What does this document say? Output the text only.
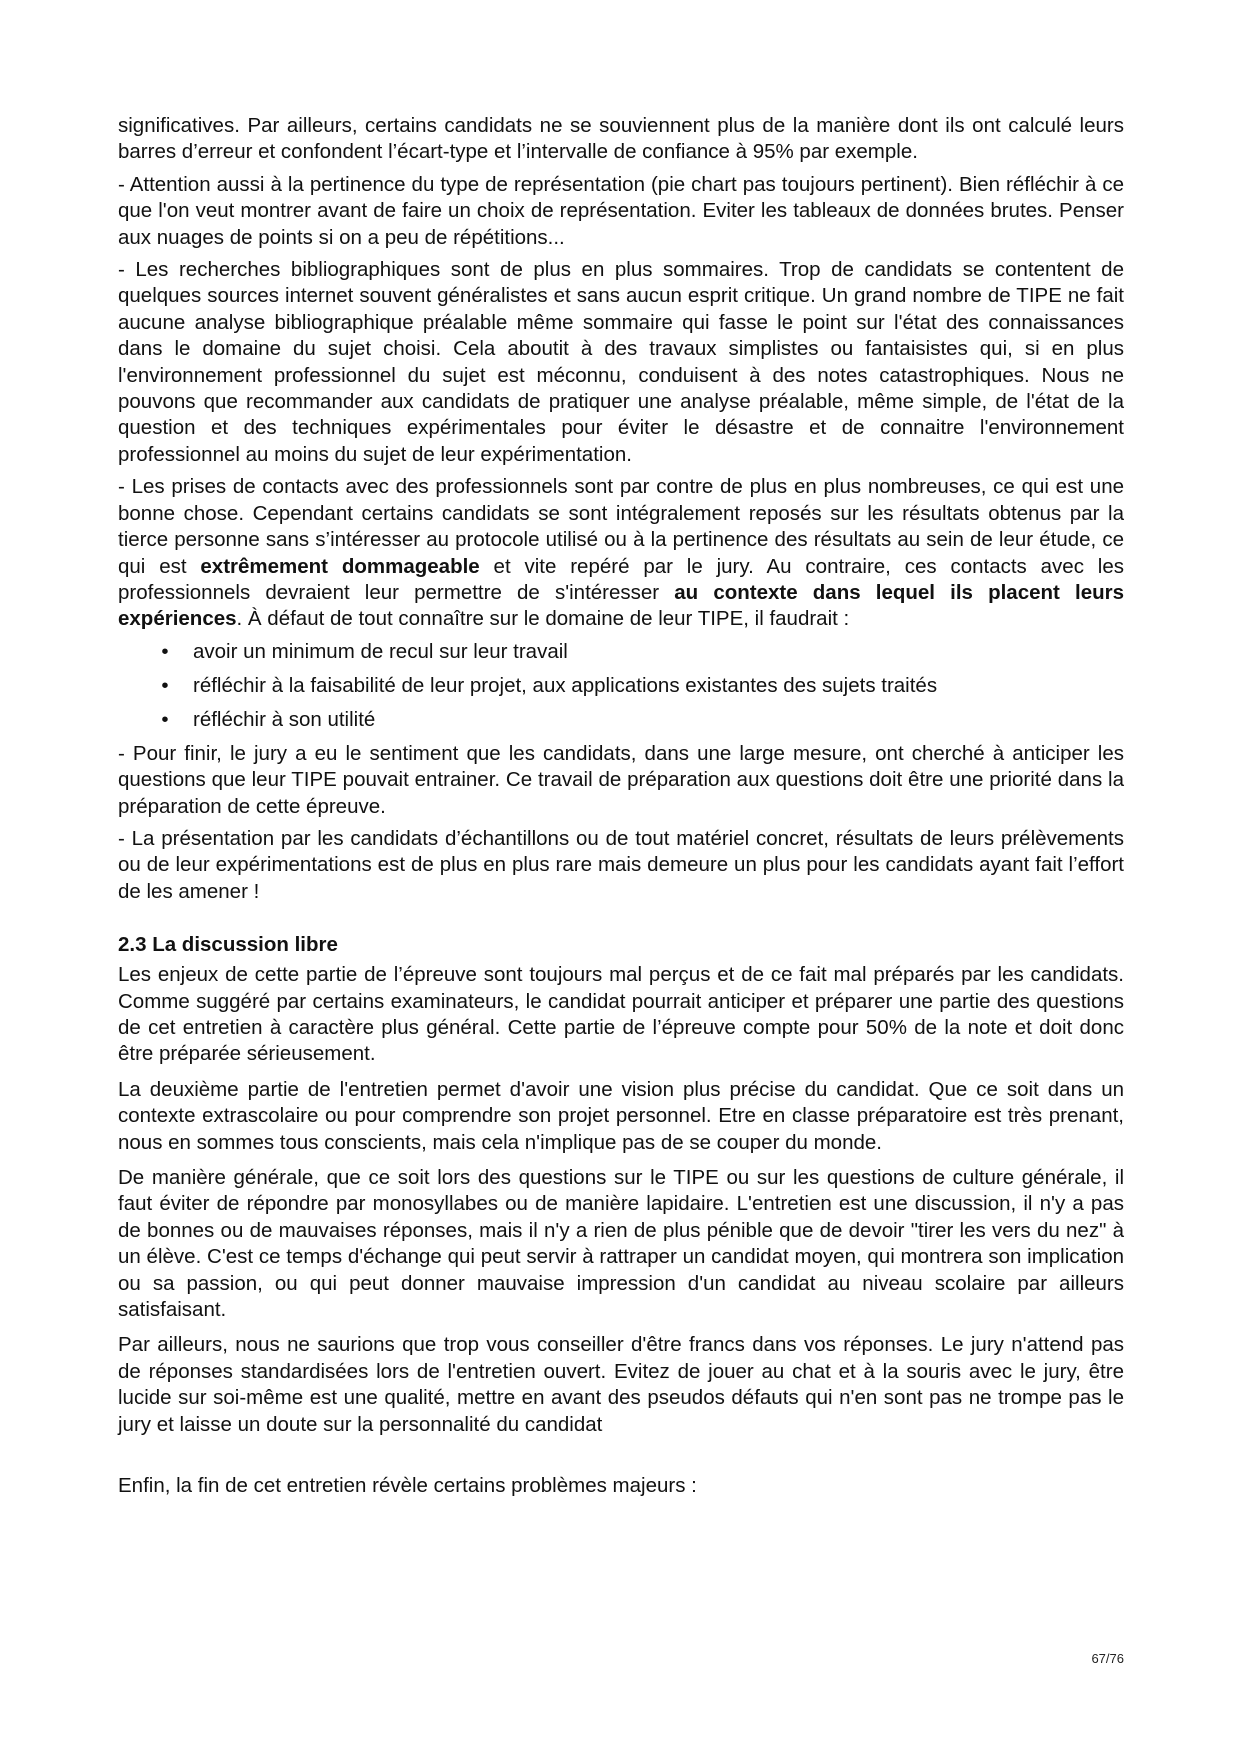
significatives. Par ailleurs, certains candidats ne se souviennent plus de la manière dont ils ont calculé leurs barres d’erreur et confondent l’écart-type et l’intervalle de confiance à 95% par exemple.

- Attention aussi à la pertinence du type de représentation (pie chart pas toujours pertinent). Bien réfléchir à ce que l'on veut montrer avant de faire un choix de représentation. Eviter les tableaux de données brutes. Penser aux nuages de points si on a peu de répétitions...

- Les recherches bibliographiques sont de plus en plus sommaires. Trop de candidats se contentent de quelques sources internet souvent généralistes et sans aucun esprit critique. Un grand nombre de TIPE ne fait aucune analyse bibliographique préalable même sommaire qui fasse le point sur l'état des connaissances dans le domaine du sujet choisi. Cela aboutit à des travaux simplistes ou fantaisistes qui, si en plus l'environnement professionnel du sujet est méconnu, conduisent à des notes catastrophiques. Nous ne pouvons que recommander aux candidats de pratiquer une analyse préalable, même simple, de l'état de la question et des techniques expérimentales pour éviter le désastre et de connaitre l'environnement professionnel au moins du sujet de leur expérimentation.

- Les prises de contacts avec des professionnels sont par contre de plus en plus nombreuses, ce qui est une bonne chose. Cependant certains candidats se sont intégralement reposés sur les résultats obtenus par la tierce personne sans s’intéresser au protocole utilisé ou à la pertinence des résultats au sein de leur étude, ce qui est extrêmement dommageable et vite repéré par le jury. Au contraire, ces contacts avec les professionnels devraient leur permettre de s'intéresser au contexte dans lequel ils placent leurs expériences. À défaut de tout connaître sur le domaine de leur TIPE, il faudrait :

• avoir un minimum de recul sur leur travail
• réfléchir à la faisabilité de leur projet, aux applications existantes des sujets traités
• réfléchir à son utilité

- Pour finir, le jury a eu le sentiment que les candidats, dans une large mesure, ont cherché à anticiper les questions que leur TIPE pouvait entrainer. Ce travail de préparation aux questions doit être une priorité dans la préparation de cette épreuve.

- La présentation par les candidats d’échantillons ou de tout matériel concret, résultats de leurs prélèvements ou de leur expérimentations est de plus en plus rare mais demeure un plus pour les candidats ayant fait l’effort de les amener !

2.3 La discussion libre

Les enjeux de cette partie de l’épreuve sont toujours mal perçus et de ce fait mal préparés par les candidats. Comme suggéré par certains examinateurs, le candidat pourrait anticiper et préparer une partie des questions de cet entretien à caractère plus général. Cette partie de l’épreuve compte pour 50% de la note et doit donc être préparée sérieusement.

La deuxième partie de l'entretien permet d'avoir une vision plus précise du candidat. Que ce soit dans un contexte extrascolaire ou pour comprendre son projet personnel. Etre en classe préparatoire est très prenant, nous en sommes tous conscients, mais cela n'implique pas de se couper du monde.

De manière générale, que ce soit lors des questions sur le TIPE ou sur les questions de culture générale, il faut éviter de répondre par monosyllabes ou de manière lapidaire. L'entretien est une discussion, il n'y a pas de bonnes ou de mauvaises réponses, mais il n'y a rien de plus pénible que de devoir "tirer les vers du nez" à un élève. C'est ce temps d'échange qui peut servir à rattraper un candidat moyen, qui montrera son implication ou sa passion, ou qui peut donner mauvaise impression d'un candidat au niveau scolaire par ailleurs satisfaisant.

Par ailleurs, nous ne saurions que trop vous conseiller d'être francs dans vos réponses. Le jury n'attend pas de réponses standardisées lors de l'entretien ouvert. Evitez de jouer au chat et à la souris avec le jury, être lucide sur soi-même est une qualité, mettre en avant des pseudos défauts qui n'en sont pas ne trompe pas le jury et laisse un doute sur la personnalité du candidat

Enfin, la fin de cet entretien révèle certains problèmes majeurs :

67/76
